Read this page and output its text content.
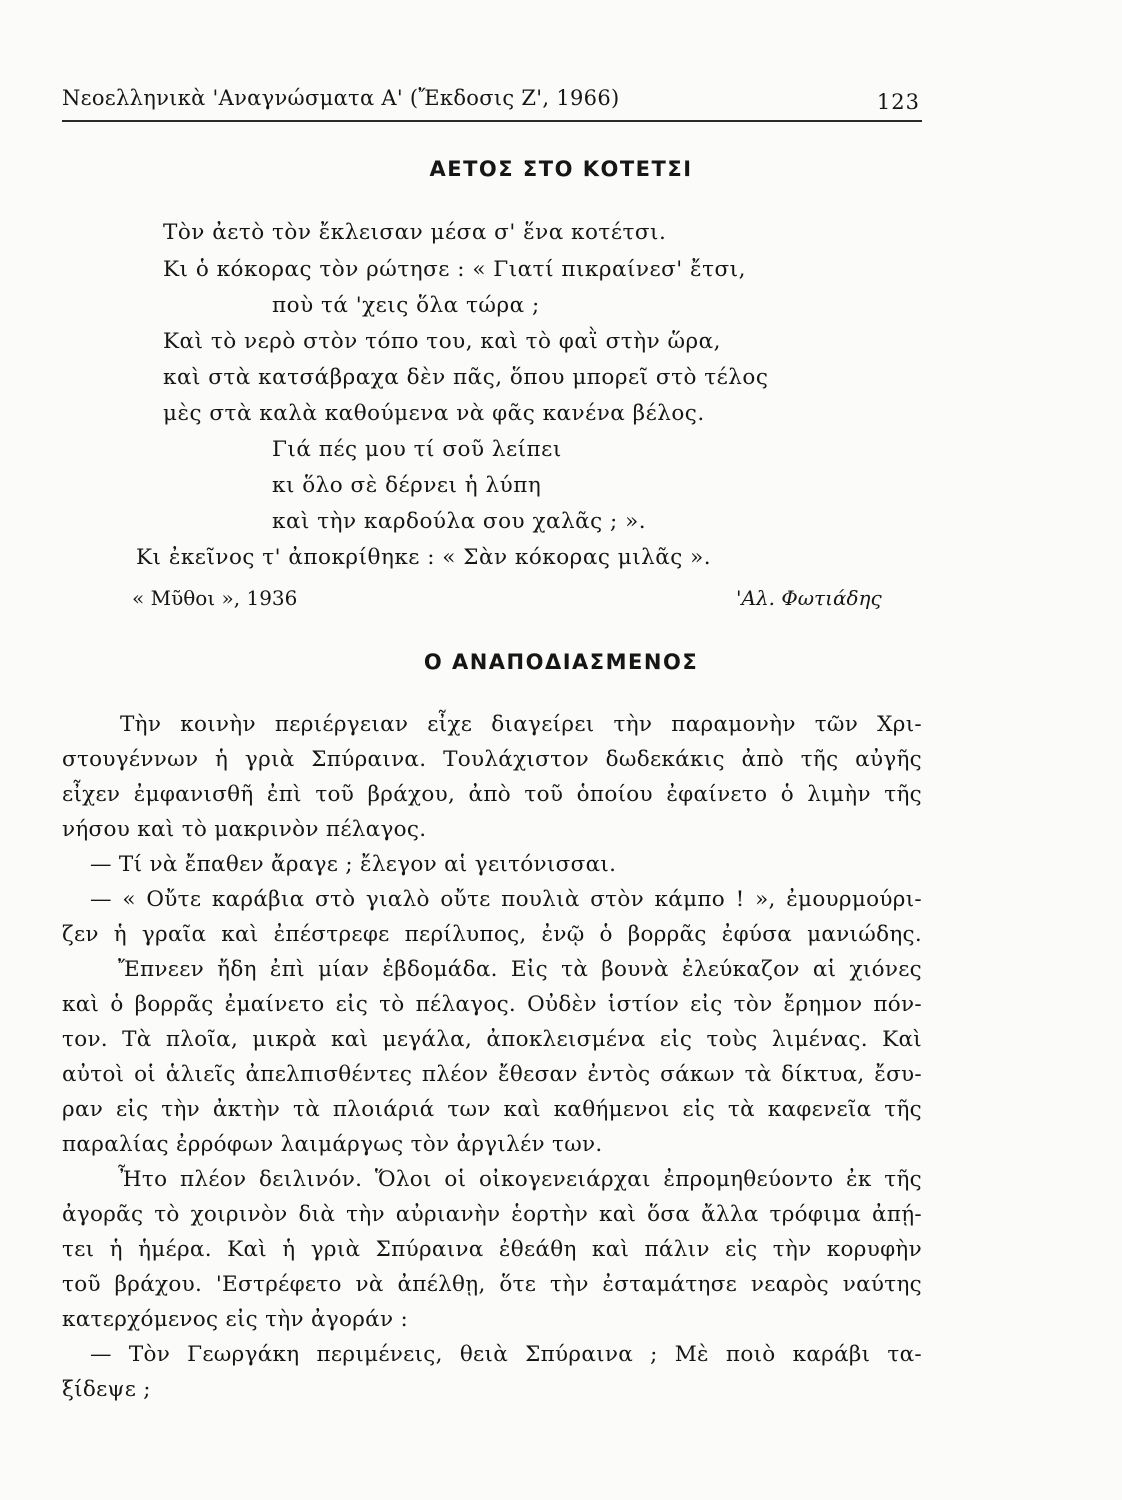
Νεοελληνικὰ 'Αναγνώσματα Α' (Ἔκδοσις Ζ', 1966)	123
ΑΕΤΟΣ ΣΤΟ ΚΟΤΕΤΣΙ
Τὸν ἀετὸ τὸν ἔκλεισαν μέσα σ' ἕνα κοτέτσι.
Κι ὁ κόκορας τὸν ρώτησε : « Γιατί πικραίνεσ' ἔτσι,
ποὺ τά 'χεις ὅλα τώρα ;
Καὶ τὸ νερὸ στὸν τόπο του, καὶ τὸ φαῒ στὴν ὥρα,
καὶ στὰ κατσάβραχα δὲν πᾶς, ὅπου μπορεῖ στὸ τέλος
μὲς στὰ καλὰ καθούμενα νὰ φᾶς κανένα βέλος.
Γιά πές μου τί σοῦ λείπει
κι ὅλο σὲ δέρνει ἡ λύπη
καὶ τὴν καρδούλα σου χαλᾶς ; ».
Κι ἐκεῖνος τ' ἀποκρίθηκε : « Σὰν κόκορας μιλᾶς ».
« Μῦθοι », 1936	'Αλ. Φωτιάδης
Ο ΑΝΑΠΟΔΙΑΣΜΕΝΟΣ
Τὴν κοινὴν περιέργειαν εἶχε διαγείρει τὴν παραμονὴν τῶν Χρι-
στουγέννων ἡ γριὰ Σπύραινα. Τουλάχιστον δωδεκάκις ἀπὸ τῆς αὐγῆς
εἶχεν ἐμφανισθῆ ἐπὶ τοῦ βράχου, ἀπὸ τοῦ ὁποίου ἐφαίνετο ὁ λιμὴν τῆς
νήσου καὶ τὸ μακρινὸν πέλαγος.
— Τί νὰ ἔπαθεν ἄραγε ; ἔλεγον αἱ γειτόνισσαι.
— « Οὔτε καράβια στὸ γιαλὸ οὔτε πουλιὰ στὸν κάμπο ! », ἐμουρμούρι-
ζεν ἡ γραῖα καὶ ἐπέστρεφε περίλυπος, ἐνῷ ὁ βορρᾶς ἐφύσα μανιώδης.
Ἔπνεεν ἤδη ἐπὶ μίαν ἑβδομάδα. Εἰς τὰ βουνὰ ἐλεύκαζον αἱ χιόνες
καὶ ὁ βορρᾶς ἐμαίνετο εἰς τὸ πέλαγος. Οὐδὲν ἱστίον εἰς τὸν ἔρημον πόν-
τον. Τὰ πλοῖα, μικρὰ καὶ μεγάλα, ἀποκλεισμένα εἰς τοὺς λιμένας. Καὶ
αὐτοὶ οἱ ἁλιεῖς ἀπελπισθέντες πλέον ἔθεσαν ἐντὸς σάκων τὰ δίκτυα, ἔσυ-
ραν εἰς τὴν ἀκτὴν τὰ πλοιάριά των καὶ καθήμενοι εἰς τὰ καφενεῖα τῆς
παραλίας ἐρρόφων λαιμάργως τὸν ἀργιλέν των.
Ἦτο πλέον δειλινόν. Ὅλοι οἱ οἰκογενειάρχαι ἐπρομηθεύοντο ἐκ τῆς
ἀγορᾶς τὸ χοιρινὸν διὰ τὴν αὐριανὴν ἑορτὴν καὶ ὅσα ἄλλα τρόφιμα ἀπῄ-
τει ἡ ἡμέρα. Καὶ ἡ γριὰ Σπύραινα ἐθεάθη καὶ πάλιν εἰς τὴν κορυφὴν
τοῦ βράχου. 'Εστρέφετο νὰ ἀπέλθῃ, ὅτε τὴν ἐσταμάτησε νεαρὸς ναύτης
κατερχόμενος εἰς τὴν ἀγοράν :
— Τὸν Γεωργάκη περιμένεις, θειὰ Σπύραινα ; Μὲ ποιὸ καράβι τα-
ξίδεψε ;
